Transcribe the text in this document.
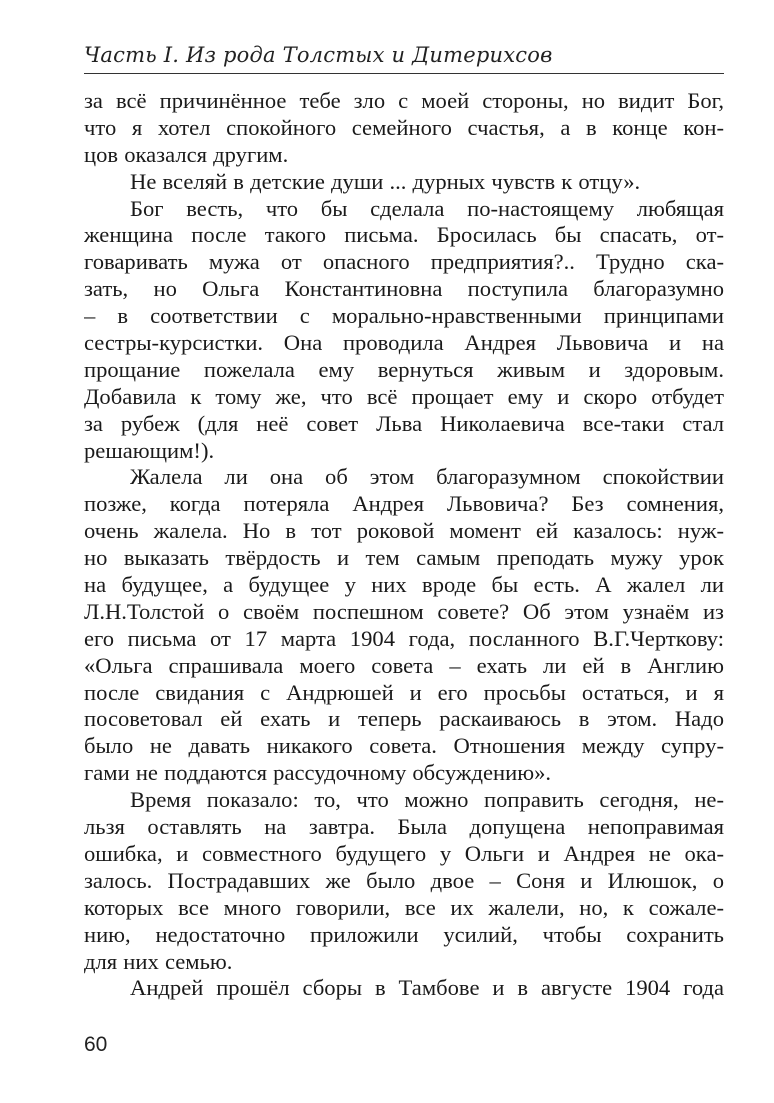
Часть I. Из рода Толстых и Дитерихсов
за всё причинённое тебе зло с моей стороны, но видит Бог,
что я хотел спокойного семейного счастья, а в конце кон-
цов оказался другим.
Не вселяй в детские души ... дурных чувств к отцу».
Бог весть, что бы сделала по-настоящему любящая
женщина после такого письма. Бросилась бы спасать, от-
говаривать мужа от опасного предприятия?.. Трудно ска-
зать, но Ольга Константиновна поступила благоразумно
– в соответствии с морально-нравственными принципами
сестры-курсистки. Она проводила Андрея Львовича и на
прощание пожелала ему вернуться живым и здоровым.
Добавила к тому же, что всё прощает ему и скоро отбудет
за рубеж (для неё совет Льва Николаевича все-таки стал
решающим!).
Жалела ли она об этом благоразумном спокойствии
позже, когда потеряла Андрея Львовича? Без сомнения,
очень жалела. Но в тот роковой момент ей казалось: нуж-
но выказать твёрдость и тем самым преподать мужу урок
на будущее, а будущее у них вроде бы есть. А жалел ли
Л.Н.Толстой о своём поспешном совете? Об этом узнаём из
его письма от 17 марта 1904 года, посланного В.Г.Черткову:
«Ольга спрашивала моего совета – ехать ли ей в Англию
после свидания с Андрюшей и его просьбы остаться, и я
посоветовал ей ехать и теперь раскаиваюсь в этом. Надо
было не давать никакого совета. Отношения между супру-
гами не поддаются рассудочному обсуждению».
Время показало: то, что можно поправить сегодня, не-
льзя оставлять на завтра. Была допущена непоправимая
ошибка, и совместного будущего у Ольги и Андрея не ока-
залось. Пострадавших же было двое – Соня и Илюшок, о
которых все много говорили, все их жалели, но, к сожале-
нию, недостаточно приложили усилий, чтобы сохранить
для них семью.
Андрей прошёл сборы в Тамбове и в августе 1904 года
60
